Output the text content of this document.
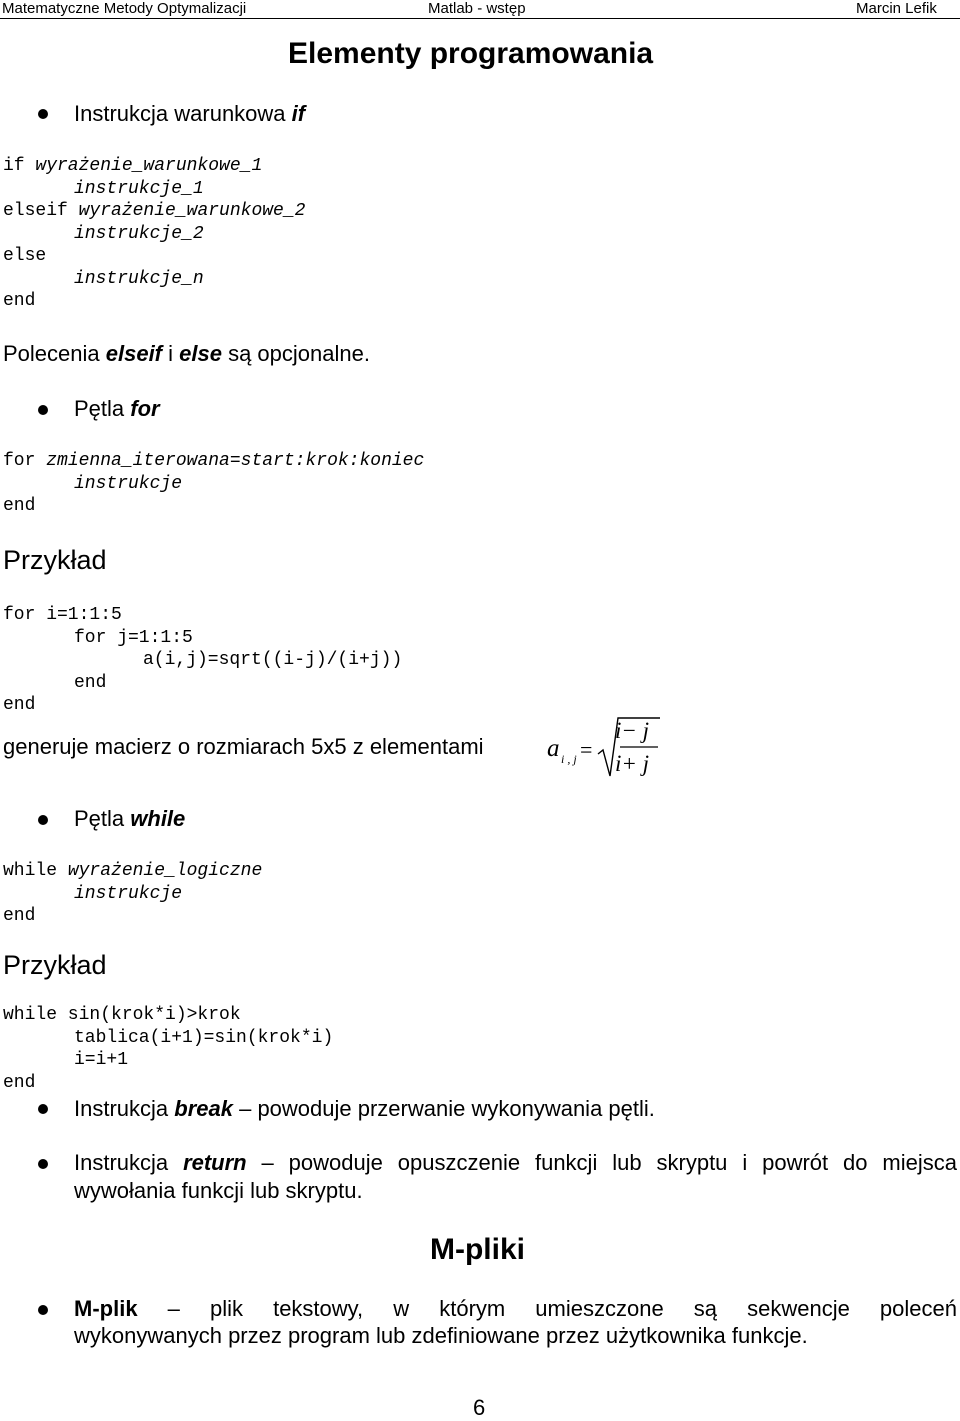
Matematyczne Metody Optymalizacji	Matlab - wstęp	Marcin Lefik
Elementy programowania
Instrukcja warunkowa if
if wyrażenie_warunkowe_1
instrukcje_1
elseif wyrażenie_warunkowe_2
instrukcje_2
else
instrukcje_n
end
Polecenia elseif i else są opcjonalne.
Pętla for
for zmienna_iterowana=start:krok:koniec
instrukcje
end
Przykład
for i=1:1:5
for j=1:1:5
a(i,j)=sqrt((i-j)/(i+j))
end
end
generuje macierz o rozmiarach 5x5 z elementami	a i , j =
i− j
i+ j
Pętla while
while wyrażenie_logiczne
instrukcje
end
Przykład
while sin(krok*i)>krok
tablica(i+1)=sin(krok*i)
i=i+1
end
Instrukcja break – powoduje przerwanie wykonywania pętli.
Instrukcja return – powoduje opuszczenie funkcji lub skryptu i powrót do miejsca
wywołania funkcji lub skryptu.
M-pliki
M-plik – plik tekstowy, w którym umieszczone są sekwencje poleceń
wykonywanych przez program lub zdefiniowane przez użytkownika funkcje.
6
